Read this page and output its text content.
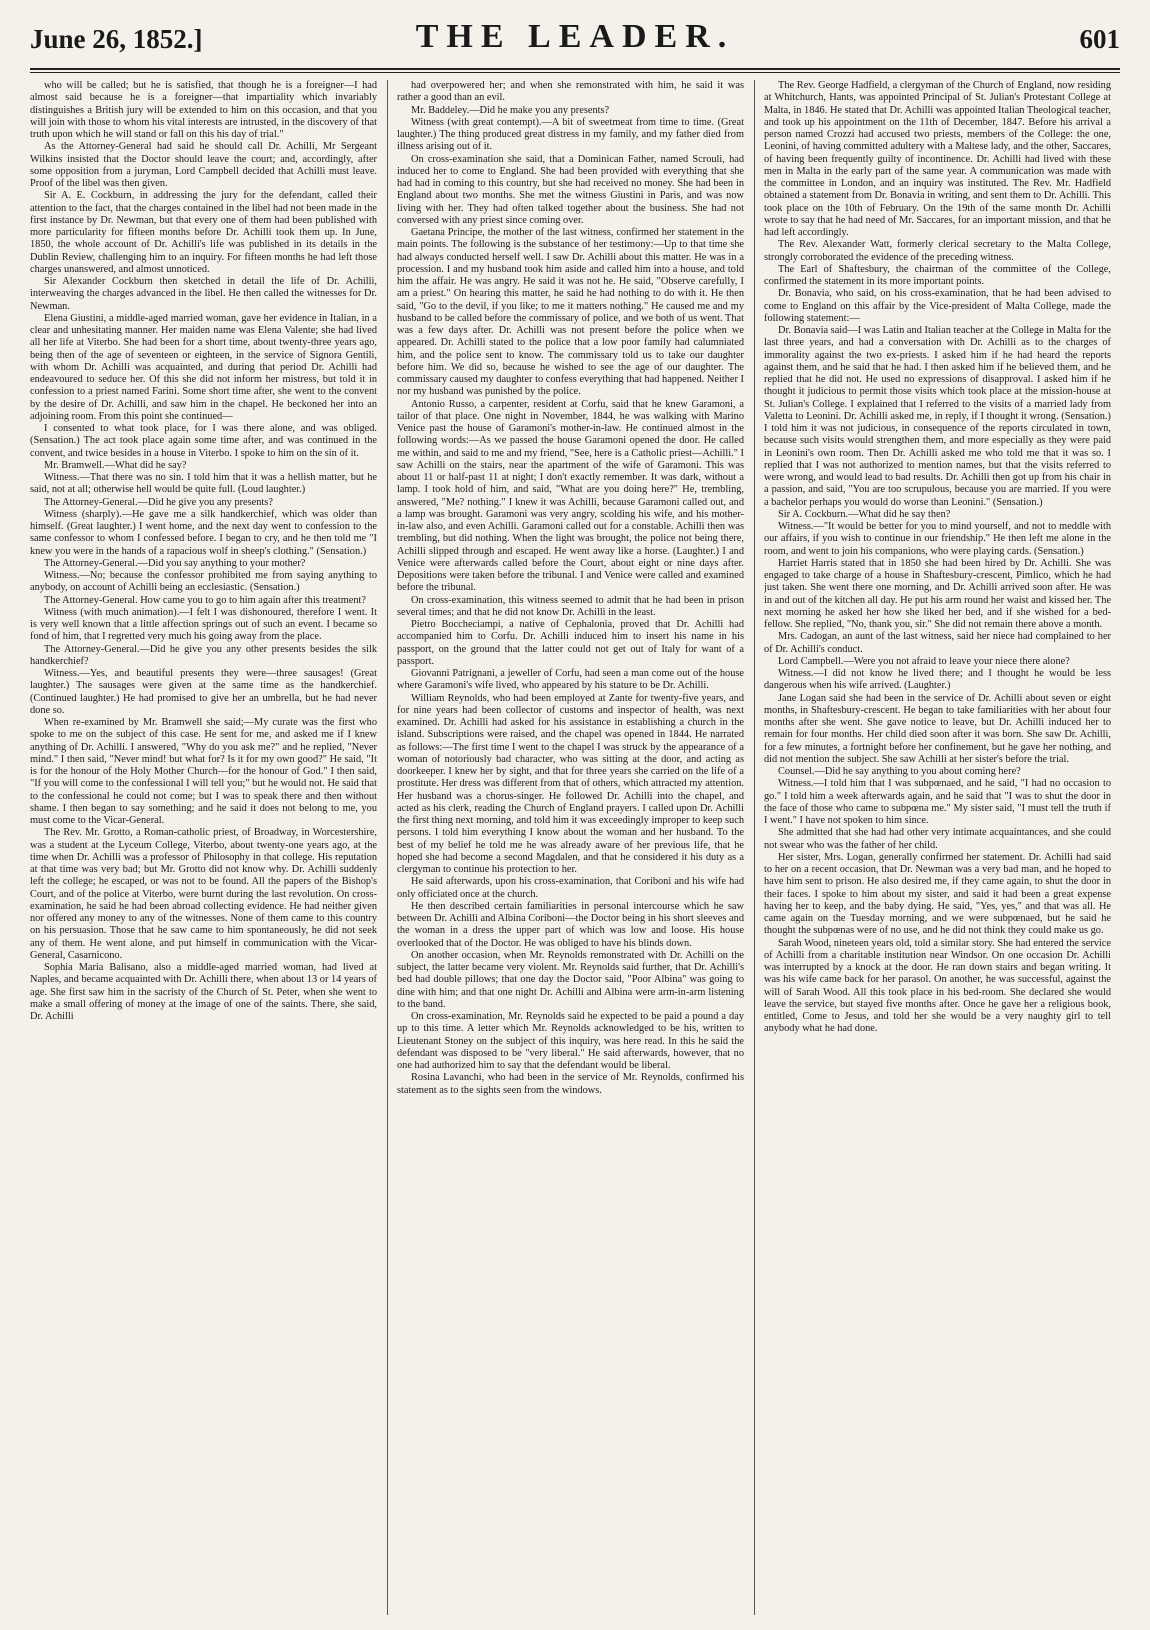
June 26, 1852.]	THE LEADER.	601

who will be called; but he is satisfied, that though he is a foreigner—I had almost said because he is a foreigner—that impartiality which invariably distinguishes a British jury will be extended to him on this occasion, and that you will join with those to whom his vital interests are intrusted, in the discovery of that truth upon which he will stand or fall on this his day of trial."

As the Attorney-General had said he should call Dr. Achilli, Mr Sergeant Wilkins insisted that the Doctor should leave the court; and, accordingly, after some opposition from a juryman, Lord Campbell decided that Achilli must leave. Proof of the libel was then given.

Sir A. E. Cockburn, in addressing the jury for the defendant, called their attention to the fact, that the charges contained in the libel had not been made in the first instance by Dr. Newman, but that every one of them had been published with more particularity for fifteen months before Dr. Achilli took them up. In June, 1850, the whole account of Dr. Achilli's life was published in its details in the Dublin Review, challenging him to an inquiry. For fifteen months he had left those charges unanswered, and almost unnoticed.

Sir Alexander Cockburn then sketched in detail the life of Dr. Achilli, interweaving the charges advanced in the libel. He then called the witnesses for Dr. Newman.

Elena Giustini, a middle-aged married woman, gave her evidence in Italian, in a clear and unhesitating manner. Her maiden name was Elena Valente; she had lived all her life at Viterbo. She had been for a short time, about twenty-three years ago, being then of the age of seventeen or eighteen, in the service of Signora Gentili, with whom Dr. Achilli was acquainted, and during that period Dr. Achilli had endeavoured to seduce her. Of this she did not inform her mistress, but told it in confession to a priest named Farini. Some short time after, she went to the convent by the desire of Dr. Achilli, and saw him in the chapel. He beckoned her into an adjoining room. From this point she continued—

I consented to what took place, for I was there alone, and was obliged. (Sensation.) The act took place again some time after, and was continued in the convent, and twice besides in a house in Viterbo. I spoke to him on the sin of it.

Mr. Bramwell.—What did he say?

Witness.—That there was no sin. I told him that it was a hellish matter, but he said, not at all; otherwise hell would be quite full. (Loud laughter.)

The Attorney-General.—Did he give you any presents?

Witness (sharply).—He gave me a silk handkerchief, which was older than himself. (Great laughter.) I went home, and the next day went to confession to the same confessor to whom I confessed before. I began to cry, and he then told me "I knew you were in the hands of a rapacious wolf in sheep's clothing." (Sensation.)

The Attorney-General.—Did you say anything to your mother?

Witness.—No; because the confessor prohibited me from saying anything to anybody, on account of Achilli being an ecclesiastic. (Sensation.)

The Attorney-General. How came you to go to him again after this treatment?

Witness (with much animation).—I felt I was dishonoured, therefore I went. It is very well known that a little affection springs out of such an event. I became so fond of him, that I regretted very much his going away from the place.

The Attorney-General.—Did he give you any other presents besides the silk handkerchief?

Witness.—Yes, and beautiful presents they were—three sausages! (Great laughter.) The sausages were given at the same time as the handkerchief. (Continued laughter.) He had promised to give her an umbrella, but he had never done so.

When re-examined by Mr. Bramwell she said;—My curate was the first who spoke to me on the subject of this case. He sent for me, and asked me if I knew anything of Dr. Achilli. I answered, "Why do you ask me?" and he replied, "Never mind." I then said, "Never mind! but what for? Is it for my own good?" He said, "It is for the honour of the Holy Mother Church—for the honour of God." I then said, "If you will come to the confessional I will tell you;" but he would not. He said that to the confessional he could not come; but I was to speak there and then without shame. I then began to say something; and he said it does not belong to me, you must come to the Vicar-General.

The Rev. Mr. Grotto, a Roman-catholic priest, of Broadway, in Worcestershire, was a student at the Lyceum College, Viterbo, about twenty-one years ago, at the time when Dr. Achilli was a professor of Philosophy in that college. His reputation at that time was very bad; but Mr. Grotto did not know why. Dr. Achilli suddenly left the college; he escaped, or was not to be found. All the papers of the Bishop's Court, and of the police at Viterbo, were burnt during the last revolution. On cross-examination, he said he had been abroad collecting evidence. He had neither given nor offered any money to any of the witnesses. None of them came to this country on his persuasion. Those that he saw came to him spontaneously, he did not seek any of them. He went alone, and put himself in communication with the Vicar-General, Casarnicono.

Sophia Maria Balisano, also a middle-aged married woman, had lived at Naples, and became acquainted with Dr. Achilli there, when about 13 or 14 years of age. She first saw him in the sacristy of the Church of St. Peter, when she went to make a small offering of money at the image of one of the saints. There, she said, Dr. Achilli

had overpowered her; and when she remonstrated with him, he said it was rather a good than an evil.

Mr. Baddeley.—Did he make you any presents?

Witness (with great contempt).—A bit of sweetmeat from time to time. (Great laughter.) The thing produced great distress in my family, and my father died from illness arising out of it.

On cross-examination she said, that a Dominican Father, named Scrouli, had induced her to come to England. She had been provided with everything that she had had in coming to this country, but she had received no money. She had been in England about two months. She met the witness Giustini in Paris, and was now living with her. They had often talked together about the business. She had not conversed with any priest since coming over.

Gaetana Principe, the mother of the last witness, confirmed her statement in the main points. The following is the substance of her testimony:—Up to that time she had always conducted herself well. I saw Dr. Achilli about this matter. He was in a procession. I and my husband took him aside and called him into a house, and told him the affair. He was angry. He said it was not he. He said, "Observe carefully, I am a priest." On hearing this matter, he said he had nothing to do with it. He then said, "Go to the devil, if you like; to me it matters nothing." He caused me and my husband to be called before the commissary of police, and we both of us went. That was a few days after. Dr. Achilli was not present before the police when we appeared. Dr. Achilli stated to the police that a low poor family had calumniated him, and the police sent to know. The commissary told us to take our daughter before him. We did so, because he wished to see the age of our daughter. The commissary caused my daughter to confess everything that had happened. Neither I nor my husband was punished by the police.

Antonio Russo, a carpenter, resident at Corfu, said that he knew Garamoni, a tailor of that place. One night in November, 1844, he was walking with Marino Venice past the house of Garamoni's mother-in-law. He continued almost in the following words:—As we passed the house Garamoni opened the door. He called me within, and said to me and my friend, "See, here is a Catholic priest—Achilli." I saw Achilli on the stairs, near the apartment of the wife of Garamoni. This was about 11 or half-past 11 at night; I don't exactly remember. It was dark, without a lamp. I took hold of him, and said, "What are you doing here?" He, trembling, answered, "Me? nothing." I knew it was Achilli, because Garamoni called out, and a lamp was brought. Garamoni was very angry, scolding his wife, and his mother-in-law also, and even Achilli. Garamoni called out for a constable. Achilli then was trembling, but did nothing. When the light was brought, the police not being there, Achilli slipped through and escaped. He went away like a horse. (Laughter.) I and Venice were afterwards called before the Court, about eight or nine days after. Depositions were taken before the tribunal. I and Venice were called and examined before the tribunal.

On cross-examination, this witness seemed to admit that he had been in prison several times; and that he did not know Dr. Achilli in the least.

Pietro Boccheciampi, a native of Cephalonia, proved that Dr. Achilli had accompanied him to Corfu. Dr. Achilli induced him to insert his name in his passport, on the ground that the latter could not get out of Italy for want of a passport.

Giovanni Patrignani, a jeweller of Corfu, had seen a man come out of the house where Garamoni's wife lived, who appeared by his stature to be Dr. Achilli.

William Reynolds, who had been employed at Zante for twenty-five years, and for nine years had been collector of customs and inspector of health, was next examined. Dr. Achilli had asked for his assistance in establishing a church in the island. Subscriptions were raised, and the chapel was opened in 1844. He narrated as follows:—The first time I went to the chapel I was struck by the appearance of a woman of notoriously bad character, who was sitting at the door, and acting as doorkeeper. I knew her by sight, and that for three years she carried on the life of a prostitute. Her dress was different from that of others, which attracted my attention. Her husband was a chorus-singer. He followed Dr. Achilli into the chapel, and acted as his clerk, reading the Church of England prayers. I called upon Dr. Achilli the first thing next morning, and told him it was exceedingly improper to keep such persons. I told him everything I know about the woman and her husband. To the best of my belief he told me he was already aware of her previous life, that he hoped she had become a second Magdalen, and that he considered it his duty as a clergyman to continue his protection to her.

He said afterwards, upon his cross-examination, that Coriboni and his wife had only officiated once at the church.

He then described certain familiarities in personal intercourse which he saw between Dr. Achilli and Albina Coriboni—the Doctor being in his short sleeves and the woman in a dress the upper part of which was low and loose. His house overlooked that of the Doctor. He was obliged to have his blinds down.

On another occasion, when Mr. Reynolds remonstrated with Dr. Achilli on the subject, the latter became very violent. Mr. Reynolds said further, that Dr. Achilli's bed had double pillows; that one day the Doctor said, "Poor Albina" was going to dine with him; and that one night Dr. Achilli and Albina were arm-in-arm listening to the band.

On cross-examination, Mr. Reynolds said he expected to be paid a pound a day up to this time. A letter which Mr. Reynolds acknowledged to be his, written to Lieutenant Stoney on the subject of this inquiry, was here read. In this he said the defendant was disposed to be "very liberal." He said afterwards, however, that no one had authorized him to say that the defendant would be liberal.

Rosina Lavanchi, who had been in the service of Mr. Reynolds, confirmed his statement as to the sights seen from the windows.

The Rev. George Hadfield, a clergyman of the Church of England, now residing at Whitchurch, Hants, was appointed Principal of St. Julian's Protestant College at Malta, in 1846. He stated that Dr. Achilli was appointed Italian Theological teacher, and took up his appointment on the 11th of December, 1847. Before his arrival a person named Crozzi had accused two priests, members of the College: the one, Leonini, of having committed adultery with a Maltese lady, and the other, Saccares, of having been frequently guilty of incontinence. Dr. Achilli had lived with these men in Malta in the early part of the same year. A communication was made with the committee in London, and an inquiry was instituted. The Rev. Mr. Hadfield obtained a statement from Dr. Bonavia in writing, and sent them to Dr. Achilli. This took place on the 10th of February. On the 19th of the same month Dr. Achilli wrote to say that he had need of Mr. Saccares, for an important mission, and that he had left accordingly.

The Rev. Alexander Watt, formerly clerical secretary to the Malta College, strongly corroborated the evidence of the preceding witness.

The Earl of Shaftesbury, the chairman of the committee of the College, confirmed the statement in its more important points.

Dr. Bonavia, who said, on his cross-examination, that he had been advised to come to England on this affair by the Vice-president of Malta College, made the following statement:—

Dr. Bonavia said—I was Latin and Italian teacher at the College in Malta for the last three years, and had a conversation with Dr. Achilli as to the charges of immorality against the two ex-priests. I asked him if he had heard the reports against them, and he said that he had. I then asked him if he believed them, and he replied that he did not. He used no expressions of disapproval. I asked him if he thought it judicious to permit those visits which took place at the mission-house at St. Julian's College. I explained that I referred to the visits of a married lady from Valetta to Leonini. Dr. Achilli asked me, in reply, if I thought it wrong. (Sensation.) I told him it was not judicious, in consequence of the reports circulated in town, because such visits would strengthen them, and more especially as they were paid in Leonini's own room. Then Dr. Achilli asked me who told me that it was so. I replied that I was not authorized to mention names, but that the visits referred to were wrong, and would lead to bad results. Dr. Achilli then got up from his chair in a passion, and said, "You are too scrupulous, because you are married. If you were a bachelor perhaps you would do worse than Leonini." (Sensation.)

Sir A. Cockburn.—What did he say then?

Witness.—"It would be better for you to mind yourself, and not to meddle with our affairs, if you wish to continue in our friendship." He then left me alone in the room, and went to join his companions, who were playing cards. (Sensation.)

Harriet Harris stated that in 1850 she had been hired by Dr. Achilli. She was engaged to take charge of a house in Shaftesbury-crescent, Pimlico, which he had just taken. She went there one morning, and Dr. Achilli arrived soon after. He was in and out of the kitchen all day. He put his arm round her waist and kissed her. The next morning he asked her how she liked her bed, and if she wished for a bed-fellow. She replied, "No, thank you, sir." She did not remain there above a month.

Mrs. Cadogan, an aunt of the last witness, said her niece had complained to her of Dr. Achilli's conduct.

Lord Campbell.—Were you not afraid to leave your niece there alone?

Witness.—I did not know he lived there; and I thought he would be less dangerous when his wife arrived. (Laughter.)

Jane Logan said she had been in the service of Dr. Achilli about seven or eight months, in Shaftesbury-crescent. He began to take familiarities with her about four months after she went. She gave notice to leave, but Dr. Achilli induced her to remain for four months. Her child died soon after it was born. She saw Dr. Achilli, for a few minutes, a fortnight before her confinement, but he gave her nothing, and did not mention the subject. She saw Achilli at her sister's before the trial.

Counsel.—Did he say anything to you about coming here?

Witness.—I told him that I was subpœnaed, and he said, "I had no occasion to go." I told him a week afterwards again, and he said that "I was to shut the door in the face of those who came to subpœna me." My sister said, "I must tell the truth if I went." I have not spoken to him since.

She admitted that she had had other very intimate acquaintances, and she could not swear who was the father of her child.

Her sister, Mrs. Logan, generally confirmed her statement. Dr. Achilli had said to her on a recent occasion, that Dr. Newman was a very bad man, and he hoped to have him sent to prison. He also desired me, if they came again, to shut the door in their faces. I spoke to him about my sister, and said it had been a great expense having her to keep, and the baby dying. He said, "Yes, yes," and that was all. He came again on the Tuesday morning, and we were subpœnaed, but he said he thought the subpœnas were of no use, and he did not think they could make us go.

Sarah Wood, nineteen years old, told a similar story. She had entered the service of Achilli from a charitable institution near Windsor. On one occasion Dr. Achilli was interrupted by a knock at the door. He ran down stairs and began writing. It was his wife came back for her parasol. On another, he was successful, against the will of Sarah Wood. All this took place in his bed-room. She declared she would leave the service, but stayed five months after. Once he gave her a religious book, entitled, Come to Jesus, and told her she would be a very naughty girl to tell anybody what he had done.
